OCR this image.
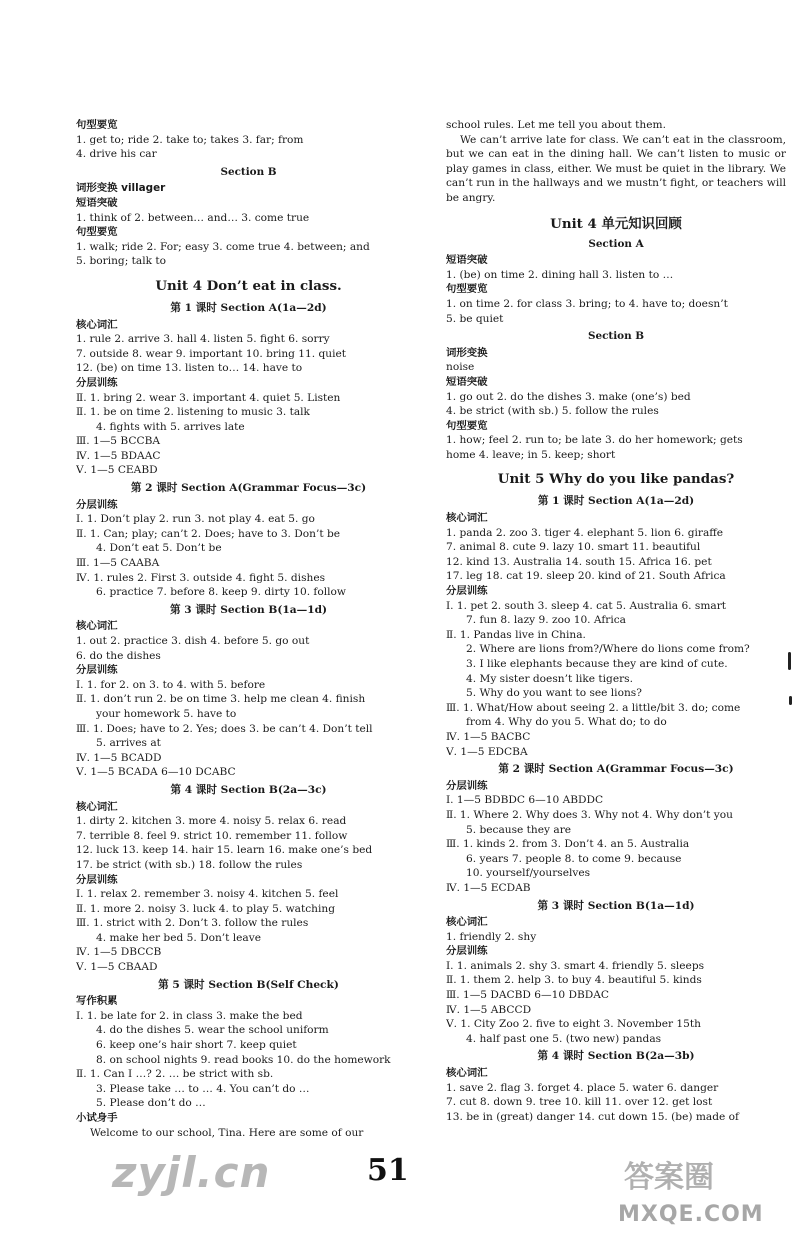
句型要览
1. get to; ride 2. take to; takes 3. far; from
4. drive his car
Section B
词形变换 villager
短语突破
1. think of 2. between… and… 3. come true
句型要览
1. walk; ride 2. For; easy 3. come true 4. between; and
5. boring; talk to
Unit 4 Don’t eat in class.
第 1 课时 Section A(1a—2d)
核心词汇
1. rule 2. arrive 3. hall 4. listen 5. fight 6. sorry
7. outside 8. wear 9. important 10. bring 11. quiet
12. (be) on time 13. listen to… 14. have to
分层训练
Ⅱ. 1. bring 2. wear 3. important 4. quiet 5. Listen
Ⅱ. 1. be on time 2. listening to music 3. talk
4. fights with 5. arrives late
Ⅲ. 1—5 BCCBA
Ⅳ. 1—5 BDAAC
Ⅴ. 1—5 CEABD
第 2 课时 Section A(Grammar Focus—3c)
分层训练
Ⅰ. 1. Don’t play 2. run 3. not play 4. eat 5. go
Ⅱ. 1. Can; play; can’t 2. Does; have to 3. Don’t be
4. Don’t eat 5. Don’t be
Ⅲ. 1—5 CAABA
Ⅳ. 1. rules 2. First 3. outside 4. fight 5. dishes
6. practice 7. before 8. keep 9. dirty 10. follow
第 3 课时 Section B(1a—1d)
核心词汇
1. out 2. practice 3. dish 4. before 5. go out
6. do the dishes
分层训练
Ⅰ. 1. for 2. on 3. to 4. with 5. before
Ⅱ. 1. don’t run 2. be on time 3. help me clean 4. finish
your homework 5. have to
Ⅲ. 1. Does; have to 2. Yes; does 3. be can’t 4. Don’t tell
5. arrives at
Ⅳ. 1—5 BCADD
Ⅴ. 1—5 BCADA 6—10 DCABC
第 4 课时 Section B(2a—3c)
核心词汇
1. dirty 2. kitchen 3. more 4. noisy 5. relax 6. read
7. terrible 8. feel 9. strict 10. remember 11. follow
12. luck 13. keep 14. hair 15. learn 16. make one’s bed
17. be strict (with sb.) 18. follow the rules
分层训练
Ⅰ. 1. relax 2. remember 3. noisy 4. kitchen 5. feel
Ⅱ. 1. more 2. noisy 3. luck 4. to play 5. watching
Ⅲ. 1. strict with 2. Don’t 3. follow the rules
4. make her bed 5. Don’t leave
Ⅳ. 1—5 DBCCB
Ⅴ. 1—5 CBAAD
第 5 课时 Section B(Self Check)
写作积累
Ⅰ. 1. be late for 2. in class 3. make the bed
4. do the dishes 5. wear the school uniform
6. keep one’s hair short 7. keep quiet
8. on school nights 9. read books 10. do the homework
Ⅱ. 1. Can I …? 2. … be strict with sb.
3. Please take … to … 4. You can’t do …
5. Please don’t do …
小试身手
Welcome to our school, Tina. Here are some of our
school rules. Let me tell you about them.
We can’t arrive late for class. We can’t eat in the classroom, but we can eat in the dining hall. We can’t listen to music or play games in class, either. We must be quiet in the library. We can’t run in the hallways and we mustn’t fight, or teachers will be angry.
Unit 4 单元知识回顾
Section A
短语突破
1. (be) on time 2. dining hall 3. listen to …
句型要览
1. on time 2. for class 3. bring; to 4. have to; doesn’t
5. be quiet
Section B
词形变换
noise
短语突破
1. go out 2. do the dishes 3. make (one’s) bed
4. be strict (with sb.) 5. follow the rules
句型要览
1. how; feel 2. run to; be late 3. do her homework; gets
home 4. leave; in 5. keep; short
Unit 5 Why do you like pandas?
第 1 课时 Section A(1a—2d)
核心词汇
1. panda 2. zoo 3. tiger 4. elephant 5. lion 6. giraffe
7. animal 8. cute 9. lazy 10. smart 11. beautiful
12. kind 13. Australia 14. south 15. Africa 16. pet
17. leg 18. cat 19. sleep 20. kind of 21. South Africa
分层训练
Ⅰ. 1. pet 2. south 3. sleep 4. cat 5. Australia 6. smart
7. fun 8. lazy 9. zoo 10. Africa
Ⅱ. 1. Pandas live in China.
2. Where are lions from?/Where do lions come from?
3. I like elephants because they are kind of cute.
4. My sister doesn’t like tigers.
5. Why do you want to see lions?
Ⅲ. 1. What/How about seeing 2. a little/bit 3. do; come
from 4. Why do you 5. What do; to do
Ⅳ. 1—5 BACBC
Ⅴ. 1—5 EDCBA
第 2 课时 Section A(Grammar Focus—3c)
分层训练
Ⅰ. 1—5 BDBDC 6—10 ABDDC
Ⅱ. 1. Where 2. Why does 3. Why not 4. Why don’t you
5. because they are
Ⅲ. 1. kinds 2. from 3. Don’t 4. an 5. Australia
6. years 7. people 8. to come 9. because
10. yourself/yourselves
Ⅳ. 1—5 ECDAB
第 3 课时 Section B(1a—1d)
核心词汇
1. friendly 2. shy
分层训练
Ⅰ. 1. animals 2. shy 3. smart 4. friendly 5. sleeps
Ⅱ. 1. them 2. help 3. to buy 4. beautiful 5. kinds
Ⅲ. 1—5 DACBD 6—10 DBDAC
Ⅳ. 1—5 ABCCD
Ⅴ. 1. City Zoo 2. five to eight 3. November 15th
4. half past one 5. (two new) pandas
第 4 课时 Section B(2a—3b)
核心词汇
1. save 2. flag 3. forget 4. place 5. water 6. danger
7. cut 8. down 9. tree 10. kill 11. over 12. get lost
13. be in (great) danger 14. cut down 15. (be) made of
51
zyjl.cn	答案圈
MXQE.COM
